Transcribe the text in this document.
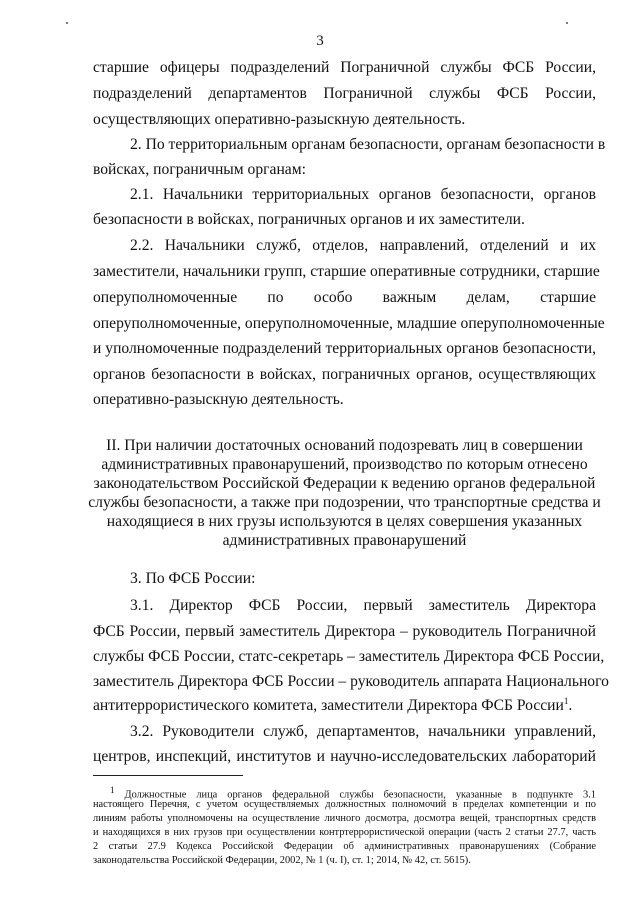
3

старшие офицеры подразделений Пограничной службы ФСБ России,

подразделений департаментов Пограничной службы ФСБ России,

осуществляющих оперативно-разыскную деятельность.

2. По территориальным органам безопасности, органам безопасности в

войсках, пограничным органам:

2.1. Начальники территориальных органов безопасности, органов

безопасности в войсках, пограничных органов и их заместители.

2.2. Начальники служб, отделов, направлений, отделений и их

заместители, начальники групп, старшие оперативные сотрудники, старшие

оперуполномоченные по особо важным делам, старшие

оперуполномоченные, оперуполномоченные, младшие оперуполномоченные

и уполномоченные подразделений территориальных органов безопасности,

органов безопасности в войсках, пограничных органов, осуществляющих

оперативно-разыскную деятельность.

II. При наличии достаточных оснований подозревать лиц в совершении

административных правонарушений, производство по которым отнесено

законодательством Российской Федерации к ведению органов федеральной

службы безопасности, а также при подозрении, что транспортные средства и

находящиеся в них грузы используются в целях совершения указанных

административных правонарушений

3. По ФСБ России:

3.1. Директор ФСБ России, первый заместитель Директора

ФСБ России, первый заместитель Директора – руководитель Пограничной

службы ФСБ России, статс-секретарь – заместитель Директора ФСБ России,

заместитель Директора ФСБ России – руководитель аппарата Национального

антитеррористического комитета, заместители Директора ФСБ России$^1$.

3.2. Руководители служб, департаментов, начальники управлений,

центров, инспекций, институтов и научно-исследовательских лабораторий

$^1$ Должностные лица органов федеральной службы безопасности, указанные в подпункте 3.1

настоящего Перечня, с учетом осуществляемых должностных полномочий в пределах компетенции и по

линиям работы уполномочены на осуществление личного досмотра, досмотра вещей, транспортных средств

и находящихся в них грузов при осуществлении контртеррористической операции (часть 2 статьи 27.7, часть

2 статьи 27.9 Кодекса Российской Федерации об административных правонарушениях (Собрание

законодательства Российской Федерации, 2002, № 1 (ч. I), ст. 1; 2014, № 42, ст. 5615).
